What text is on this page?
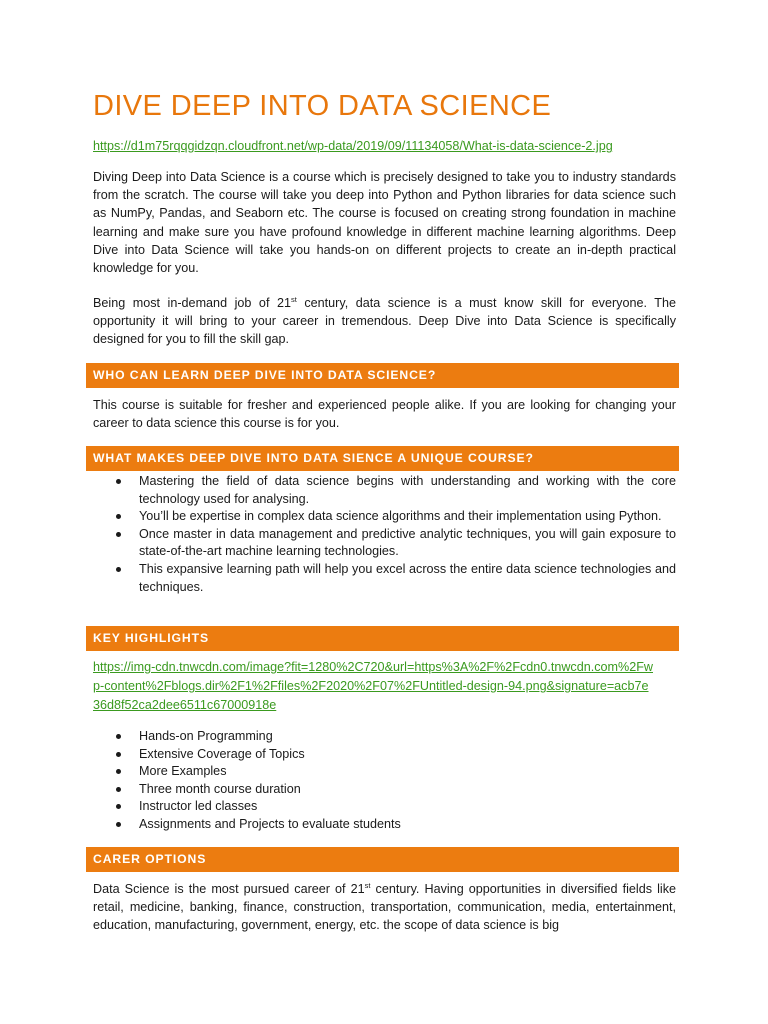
DIVE DEEP INTO DATA SCIENCE
https://d1m75rqqgidzqn.cloudfront.net/wp-data/2019/09/11134058/What-is-data-science-2.jpg

Diving Deep into Data Science is a course which is precisely designed to take you to industry standards from the scratch. The course will take you deep into Python and Python libraries for data science such as NumPy, Pandas, and Seaborn etc. The course is focused on creating strong foundation in machine learning and make sure you have profound knowledge in different machine learning algorithms. Deep Dive into Data Science will take you hands-on on different projects to create an in-depth practical knowledge for you.

Being most in-demand job of 21st century, data science is a must know skill for everyone. The opportunity it will bring to your career in tremendous. Deep Dive into Data Science is specifically designed for you to fill the skill gap.

WHO CAN LEARN DEEP DIVE INTO DATA SCIENCE?

This course is suitable for fresher and experienced people alike. If you are looking for changing your career to data science this course is for you.

WHAT MAKES DEEP DIVE INTO DATA SIENCE A UNIQUE COURSE?
Mastering the field of data science begins with understanding and working with the core technology used for analysing.
You’ll be expertise in complex data science algorithms and their implementation using Python.
Once master in data management and predictive analytic techniques, you will gain exposure to state-of-the-art machine learning technologies.
This expansive learning path will help you excel across the entire data science technologies and techniques.
KEY HIGHLIGHTS
https://img-cdn.tnwcdn.com/image?fit=1280%2C720&url=https%3A%2F%2Fcdn0.tnwcdn.com%2Fwp-content%2Fblogs.dir%2F1%2Ffiles%2F2020%2F07%2FUntitled-design-94.png&signature=acb7e36d8f52ca2dee6511c67000918e
Hands-on Programming
Extensive Coverage of Topics
More Examples
Three month course duration
Instructor led classes
Assignments and Projects to evaluate students
CARER OPTIONS

Data Science is the most pursued career of 21st century. Having opportunities in diversified fields like retail, medicine, banking, finance, construction, transportation, communication, media, entertainment, education, manufacturing, government, energy, etc. the scope of data science is big
